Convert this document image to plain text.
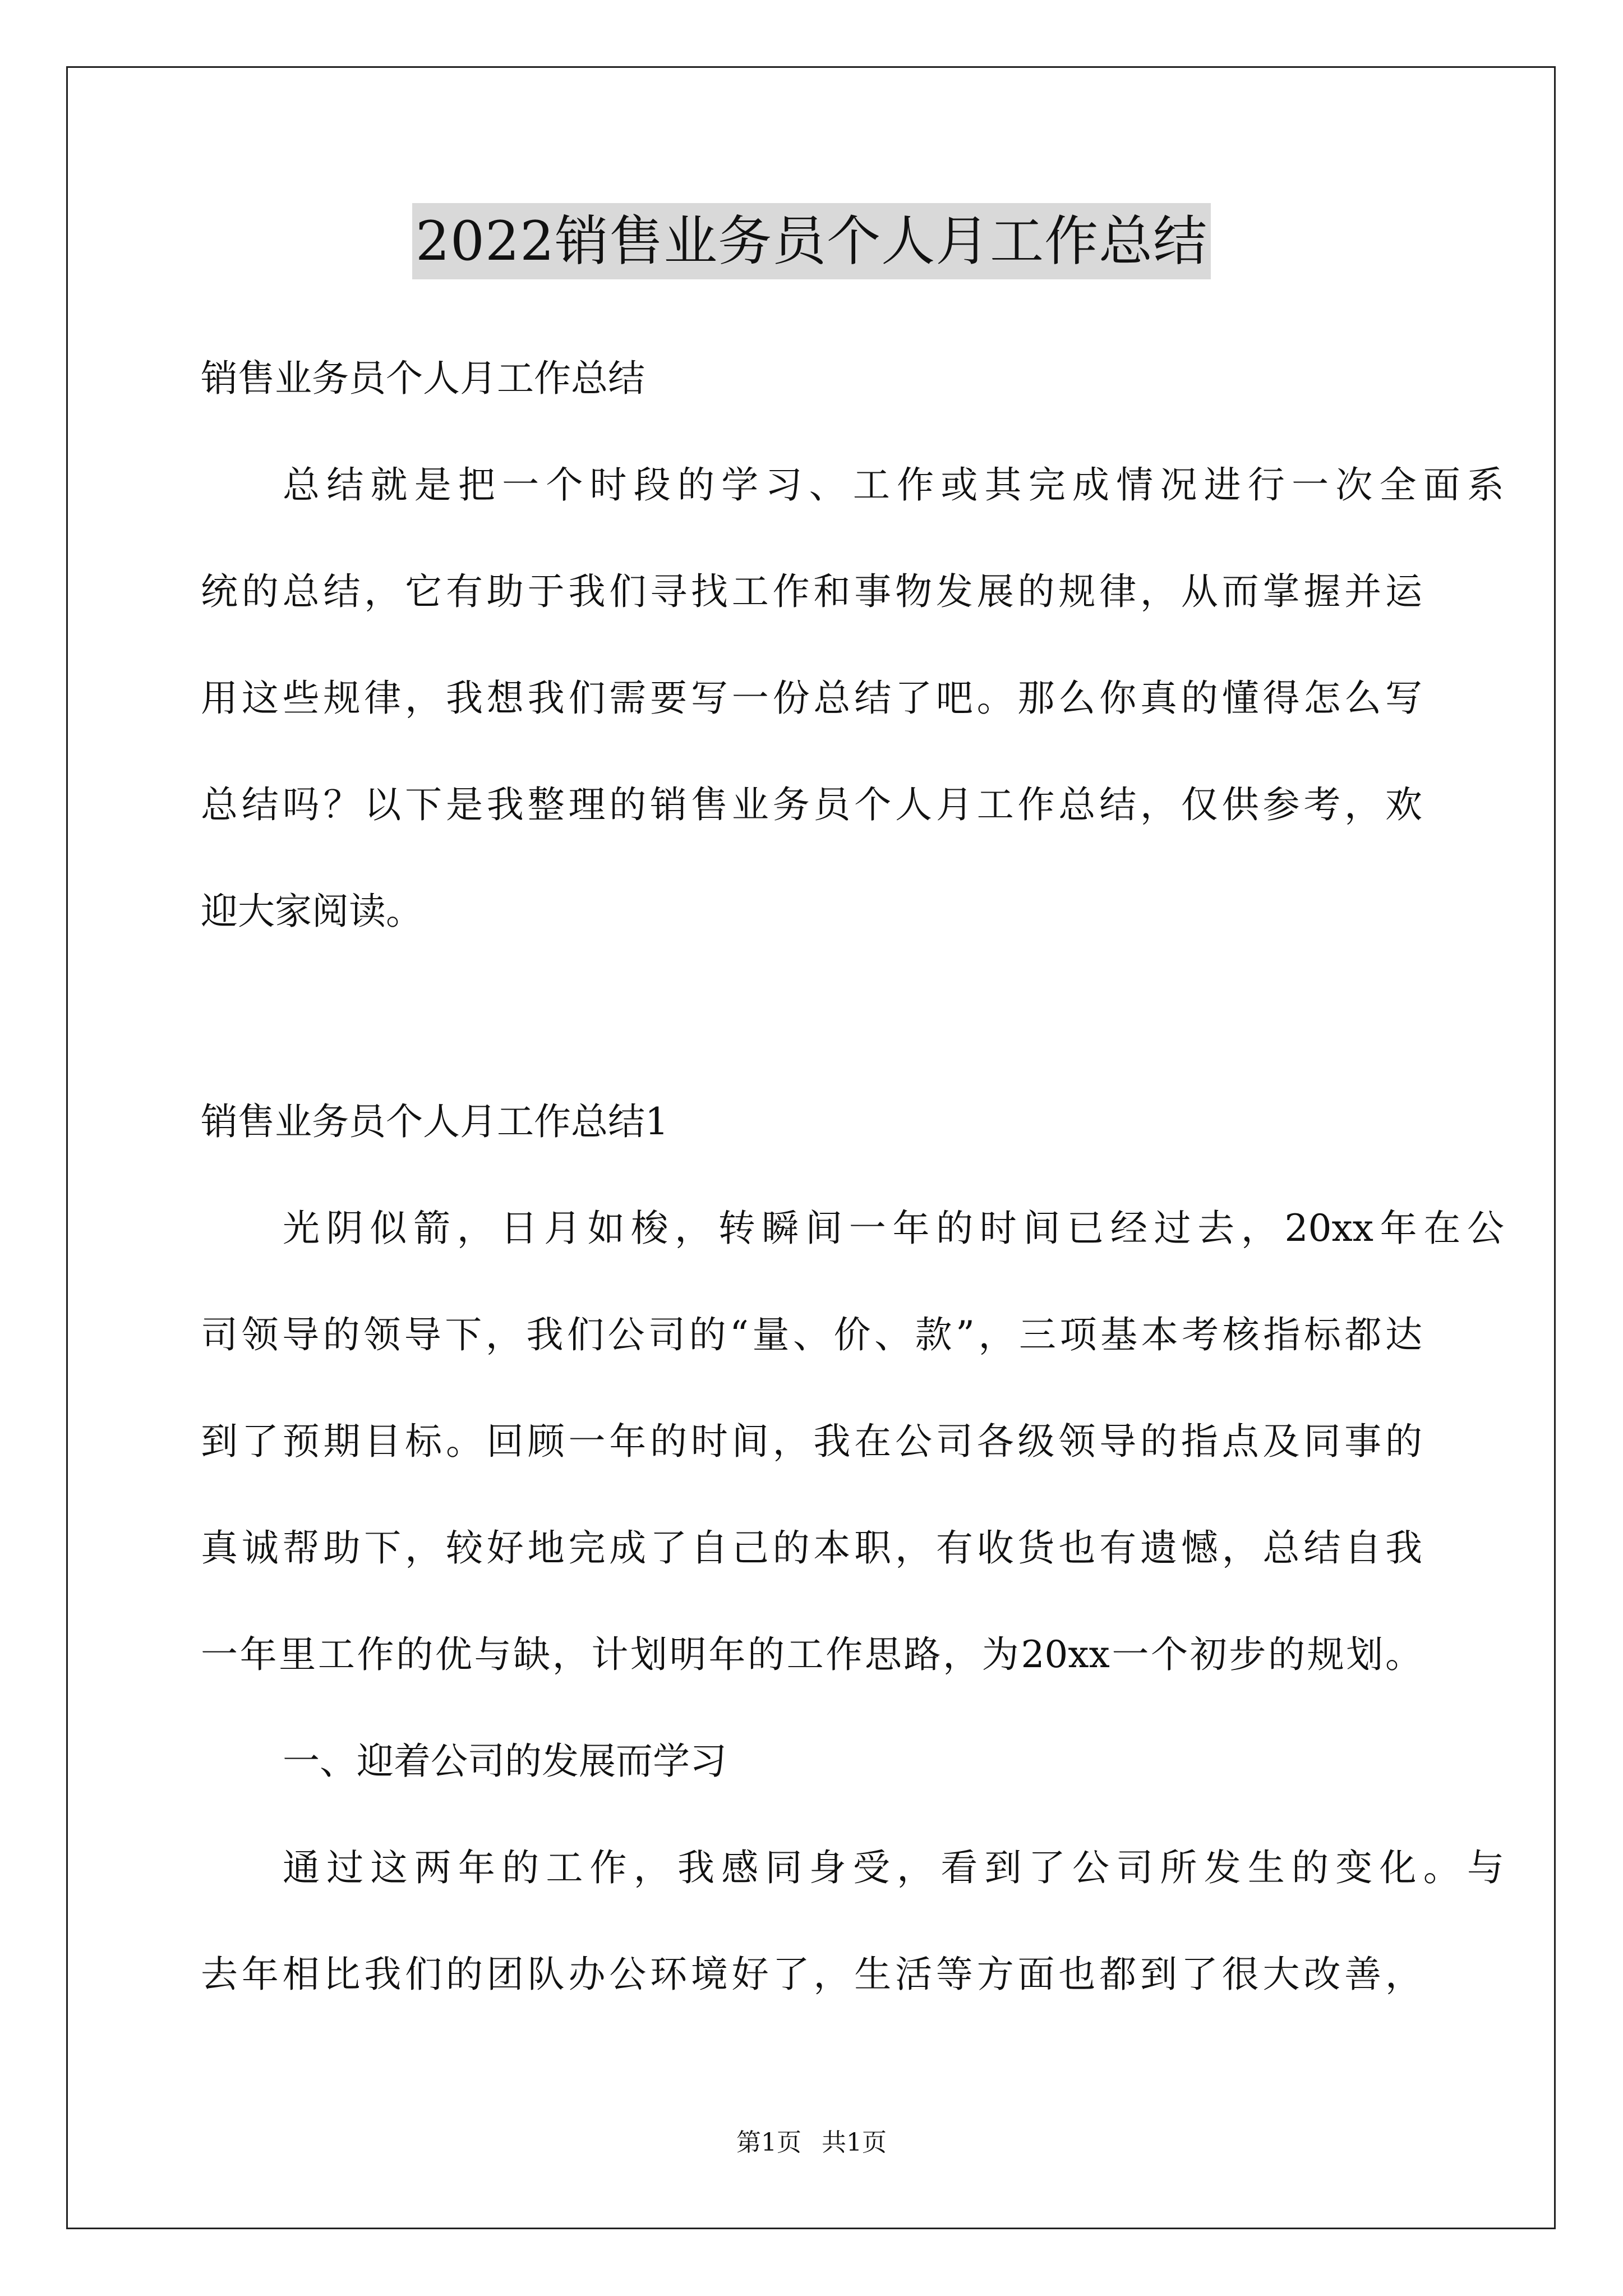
2022销售业务员个人月工作总结
销售业务员个人月工作总结
总结就是把一个时段的学习、工作或其完成情况进行一次全面系
统的总结，它有助于我们寻找工作和事物发展的规律，从而掌握并运
用这些规律，我想我们需要写一份总结了吧。那么你真的懂得怎么写
总结吗？以下是我整理的销售业务员个人月工作总结，仅供参考，欢
迎大家阅读。
销售业务员个人月工作总结1
光阴似箭，日月如梭，转瞬间一年的时间已经过去，20xx年在公
司领导的领导下，我们公司的“量、价、款”，三项基本考核指标都达
到了预期目标。回顾一年的时间，我在公司各级领导的指点及同事的
真诚帮助下，较好地完成了自己的本职，有收货也有遗憾，总结自我
一年里工作的优与缺，计划明年的工作思路，为20xx一个初步的规划。
一、迎着公司的发展而学习
通过这两年的工作，我感同身受，看到了公司所发生的变化。与
去年相比我们的团队办公环境好了，生活等方面也都到了很大改善，
第1页 共1页
